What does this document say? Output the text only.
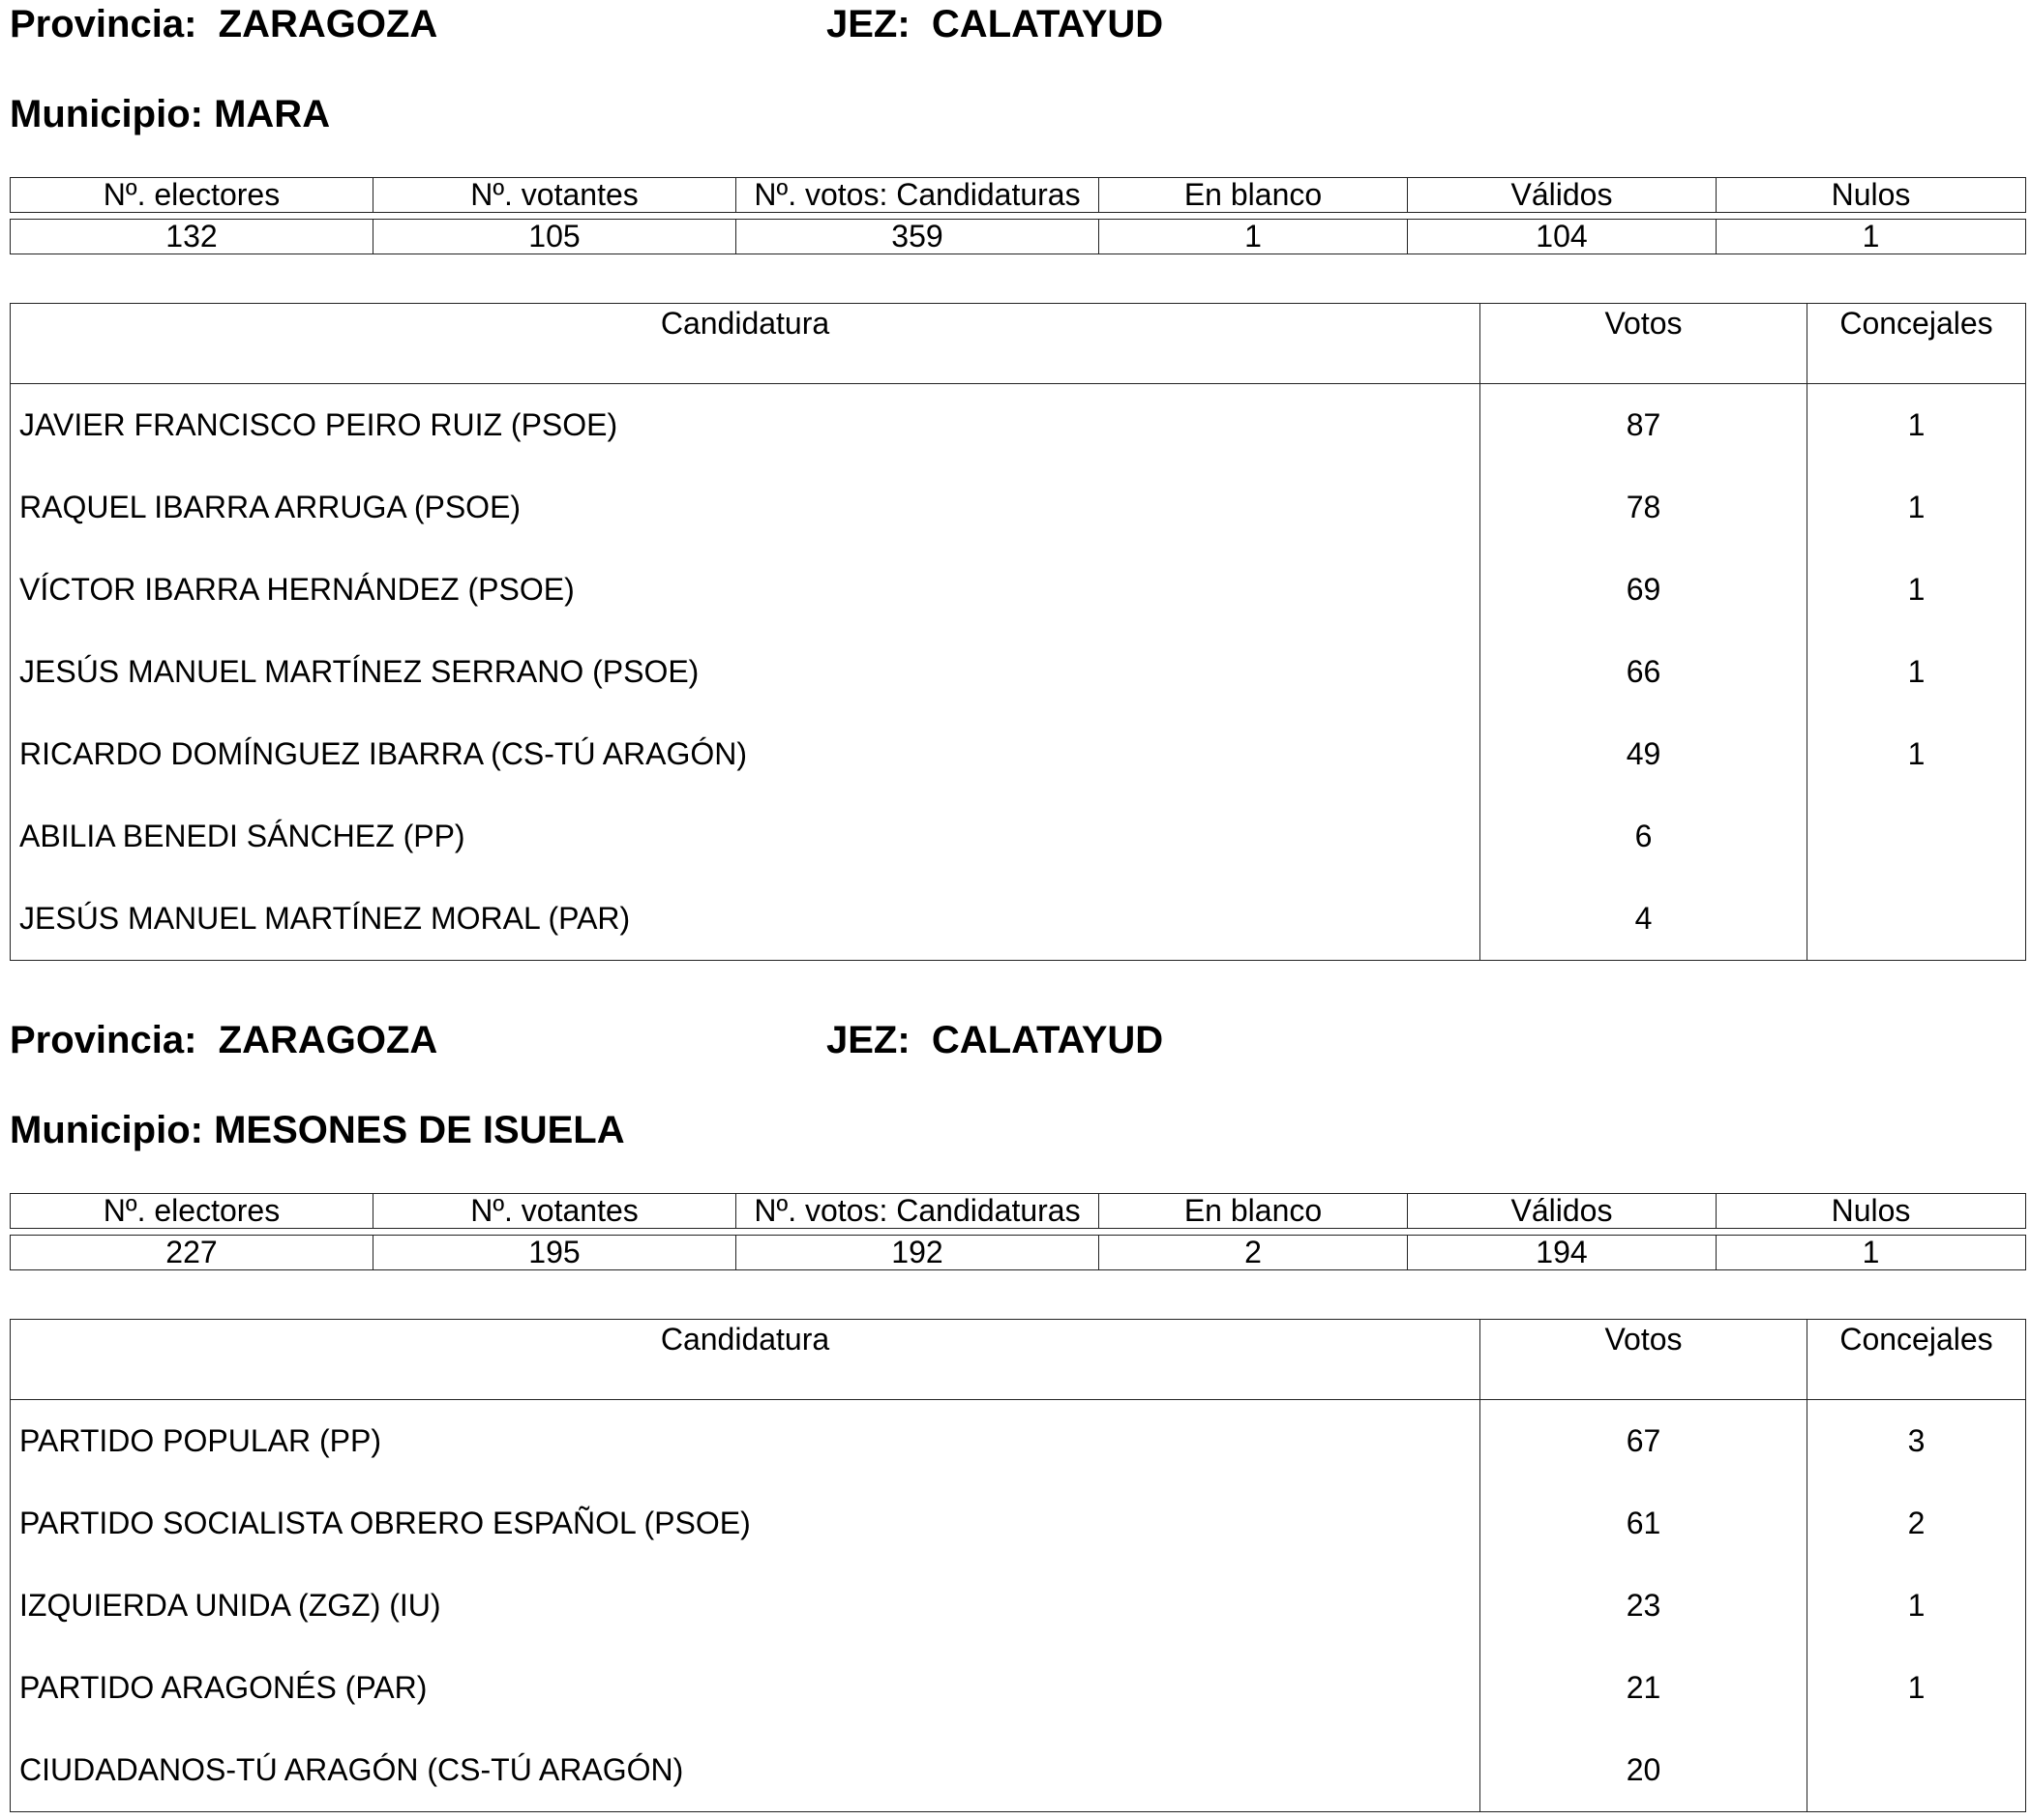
Provincia: ZARAGOZA	JEZ: CALATAYUD
Municipio: MARA
Nº. electores	Nº. votantes	Nº. votos: Candidaturas	En blanco	Válidos	Nulos
132	105	359	1	104	1
Candidatura	Votos	Concejales
JAVIER FRANCISCO PEIRO RUIZ (PSOE)	87	1
RAQUEL IBARRA ARRUGA (PSOE)	78	1
VÍCTOR IBARRA HERNÁNDEZ (PSOE)	69	1
JESÚS MANUEL MARTÍNEZ SERRANO (PSOE)	66	1
RICARDO DOMÍNGUEZ IBARRA (CS-TÚ ARAGÓN)	49	1
ABILIA BENEDI SÁNCHEZ (PP)	6	
JESÚS MANUEL MARTÍNEZ MORAL (PAR)	4	
Provincia: ZARAGOZA	JEZ: CALATAYUD
Municipio: MESONES DE ISUELA
Nº. electores	Nº. votantes	Nº. votos: Candidaturas	En blanco	Válidos	Nulos
227	195	192	2	194	1
Candidatura	Votos	Concejales
PARTIDO POPULAR (PP)	67	3
PARTIDO SOCIALISTA OBRERO ESPAÑOL (PSOE)	61	2
IZQUIERDA UNIDA (ZGZ) (IU)	23	1
PARTIDO ARAGONÉS (PAR)	21	1
CIUDADANOS-TÚ ARAGÓN (CS-TÚ ARAGÓN)	20	
